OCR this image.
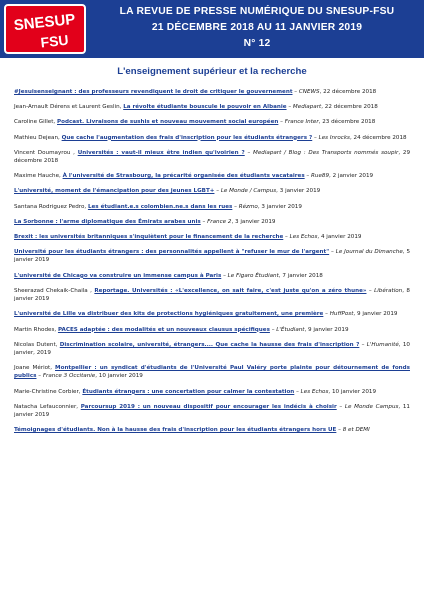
SNESUP
FSU
LA REVUE DE PRESSE NUMÉRIQUE DU SNESUP-FSU
21 DÉCEMBRE 2018 AU 11 JANVIER 2019
N° 12
L'enseignement supérieur et la recherche
#Jesuisenseignant : des professeurs revendiquent le droit de critiquer le gouvernement – CNEWS, 22 décembre 2018
Jean-Arnault Dérens et Laurent Geslin, La révolte étudiante bouscule le pouvoir en Albanie – Mediapart, 22 décembre 2018
Caroline Gillet, Podcast. Livraisons de sushis et nouveau mouvement social européen – France Inter, 23 décembre 2018
Mathieu Dejean, Que cache l'augmentation des frais d'inscription pour les étudiants étrangers ? – Les Inrocks, 24 décembre 2018
Vincent Doumayrou , Universités : vaut-il mieux être indien qu'ivoirien ? – Mediapart / Blog : Des Transports nommés soupir, 29 décembre 2018
Maxime Hauche, À l'université de Strasbourg, la précarité organisée des étudiants vacataires – Rue89, 2 janvier 2019
L'université, moment de l'émancipation pour des jeunes LGBT+ – Le Monde / Campus, 3 janvier 2019
Santana Rodriguez Pedro, Les étudiant.e.s colombien.ne.s dans les rues – Rézmo, 3 janvier 2019
La Sorbonne : l'arme diplomatique des Émirats arabes unis – France 2, 3 janvier 2019
Brexit : les universités britanniques s'inquiètent pour le financement de la recherche – Les Echos, 4 janvier 2019
Université pour les étudiants étrangers : des personnalités appellent à "refuser le mur de l'argent" – Le Journal du Dimanche, 5 janvier 2019
L'université de Chicago va construire un immense campus à Paris – Le Figaro Étudiant, 7 janvier 2018
Sheerazad Chekaik-Chaila , Reportage. Universités : «L'excellence, on sait faire, c'est juste qu'on a zéro thune» – Libération, 8 janvier 2019
L'université de Lille va distribuer des kits de protections hygiéniques gratuitement, une première – HuffPost, 9 janvier 2019
Martin Rhodes, PACES adaptée : des modalités et un nouveaux clausus spécifiques – L'Étudiant, 9 janvier 2019
Nicolas Dutent, Discrimination scolaire, université, étrangers.... Que cache la hausse des frais d'inscription ? – L'Humanité, 10 janvier, 2019
Joane Mériot, Montpellier : un syndicat d'étudiants de l'Université Paul Valéry porte plainte pour détournement de fonds publics – France 3 Occitanie, 10 janvier 2019
Marie-Christine Corbier, Étudiants étrangers : une concertation pour calmer la contestation – Les Echos, 10 janvier 2019
Natacha Lefauconnier, Parcoursup 2019 : un nouveau dispositif pour encourager les indécis à choisir – Le Monde Campus, 11 janvier 2019
Témoignages d'étudiants. Non à la hausse des frais d'inscription pour les étudiants étrangers hors UE – 8 et DEMI
